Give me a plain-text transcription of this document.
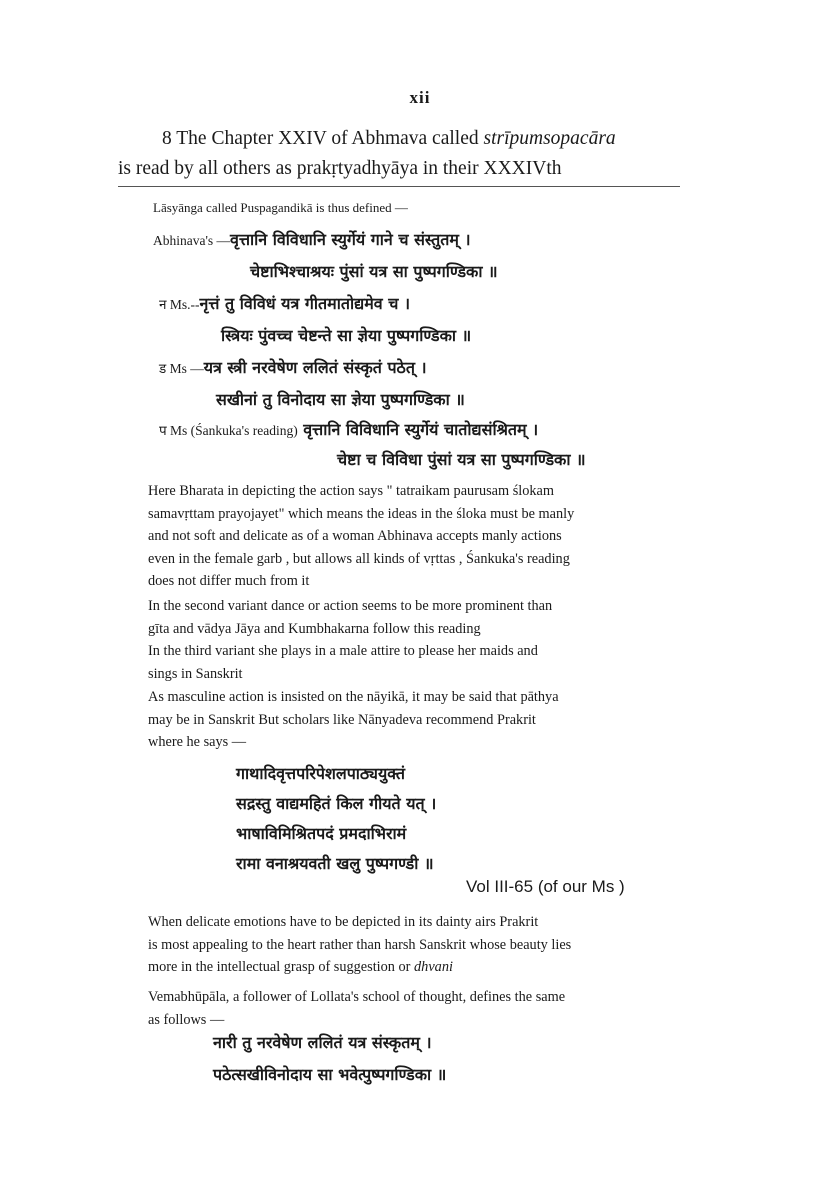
xii
8 The Chapter XXIV of Abhmava called strīpumsopacāra
is read by all others as prakṛtyadhyāya in their XXXIVth
Lāsyānga called Puspagandikā is thus defined —
Abhinava's —वृत्तानि विविधानि स्युर्गेयं गाने च संस्तुतम् ।
चेष्टाभिश्चाश्रयः पुंसां यत्र सा पुष्पगण्डिका ॥
न Ms.--नृत्तं तु विविधं यत्र गीतमातोद्यमेव च ।
स्त्रियः पुंवच्च चेष्टन्ते सा ज्ञेया पुष्पगण्डिका ॥
ड Ms —यत्र स्त्री नरवेषेण ललितं संस्कृतं पठेत् ।
सखीनां तु विनोदाय सा ज्ञेया पुष्पगण्डिका ॥
प Ms (Śankuka's reading) वृत्तानि विविधानि स्युर्गेयं चातोद्यसंश्रितम् ।
चेष्टा च विविधा पुंसां यत्र सा पुष्पगण्डिका ॥
Here Bharata in depicting the action says " tatraikam paurusam ślokam
samavṛttam prayojayet" which means the ideas in the śloka must be manly
and not soft and delicate as of a woman Abhinava accepts manly actions
even in the female garb , but allows all kinds of vṛttas , Śankuka's reading
does not differ much from it
In the second variant dance or action seems to be more prominent than
gīta and vādya Jāya and Kumbhakarna follow this reading
In the third variant she plays in a male attire to please her maids and
sings in Sanskrit
As masculine action is insisted on the nāyikā, it may be said that pāthya
may be in Sanskrit But scholars like Nānyadeva recommend Prakrit
where he says —
गाथादिवृत्तपरिपेशलपाठ्ययुक्तं
सद्रस्तु वाद्यमहितं किल गीयते यत् ।
भाषाविमिश्रितपदं प्रमदाभिरामं
रामा वनाश्रयवती खलु पुष्पगण्डी ॥
Vol III-65 (of our Ms )
When delicate emotions have to be depicted in its dainty airs Prakrit
is most appealing to the heart rather than harsh Sanskrit whose beauty lies
more in the intellectual grasp of suggestion or dhvani
Vemabhūpāla, a follower of Lollata's school of thought, defines the same
as follows —
नारी तु नरवेषेण ललितं यत्र संस्कृतम् ।
पठेत्सखीविनोदाय सा भवेत्पुष्पगण्डिका ॥
